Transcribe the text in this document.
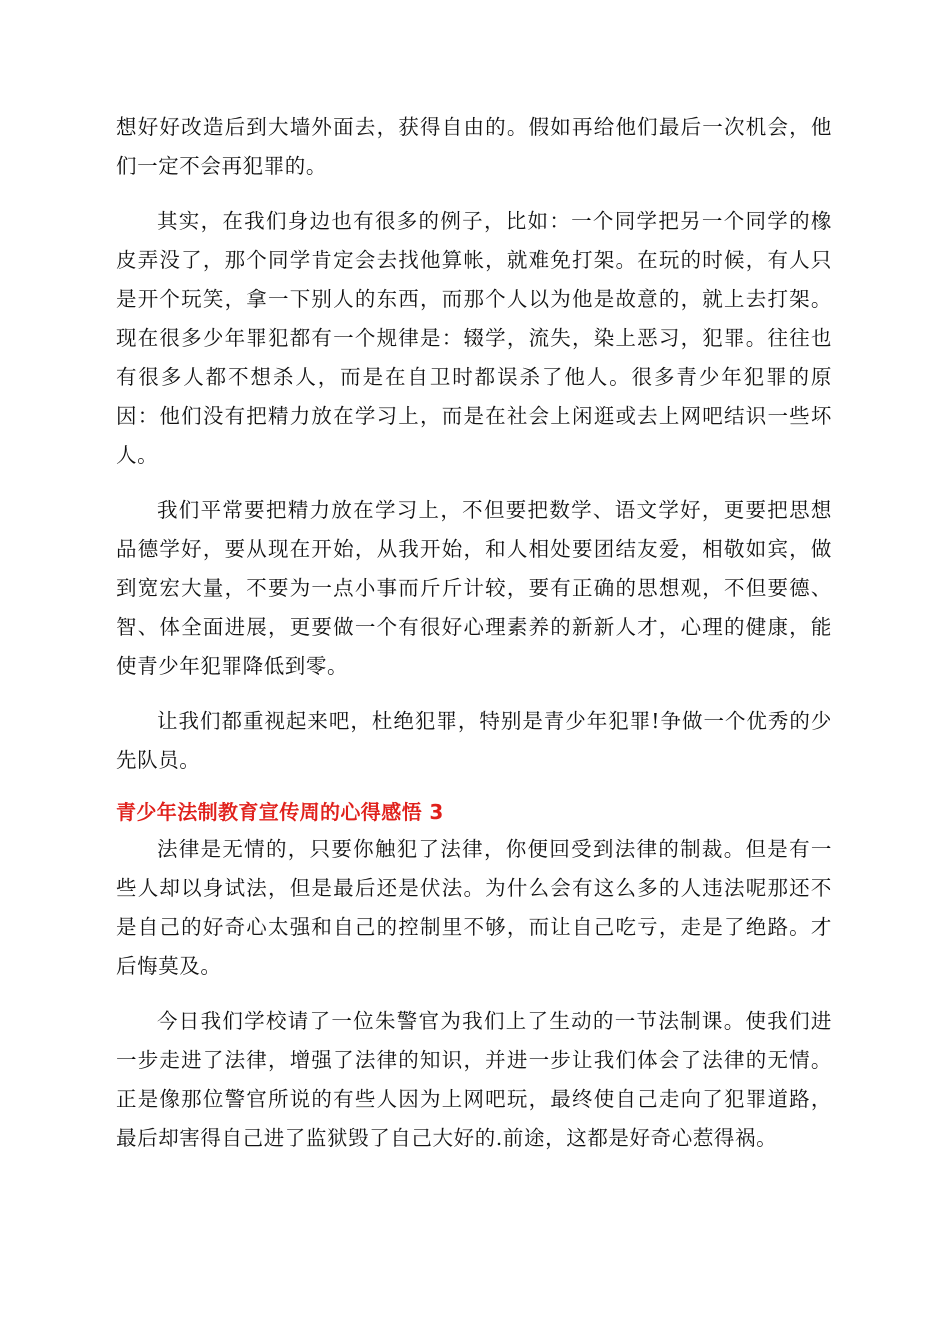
想好好改造后到大墙外面去，获得自由的。假如再给他们最后一次机会，他们一定不会再犯罪的。

其实，在我们身边也有很多的例子，比如：一个同学把另一个同学的橡皮弄没了，那个同学肯定会去找他算帐，就难免打架。在玩的时候，有人只是开个玩笑，拿一下别人的东西，而那个人以为他是故意的，就上去打架。现在很多少年罪犯都有一个规律是：辍学，流失，染上恶习，犯罪。往往也有很多人都不想杀人，而是在自卫时都误杀了他人。很多青少年犯罪的原因：他们没有把精力放在学习上，而是在社会上闲逛或去上网吧结识一些坏人。

我们平常要把精力放在学习上，不但要把数学、语文学好，更要把思想品德学好，要从现在开始，从我开始，和人相处要团结友爱，相敬如宾，做到宽宏大量，不要为一点小事而斤斤计较，要有正确的思想观，不但要德、智、体全面进展，更要做一个有很好心理素养的新新人才，心理的健康，能使青少年犯罪降低到零。

让我们都重视起来吧，杜绝犯罪，特别是青少年犯罪!争做一个优秀的少先队员。

青少年法制教育宣传周的心得感悟 3

法律是无情的，只要你触犯了法律，你便回受到法律的制裁。但是有一些人却以身试法，但是最后还是伏法。为什么会有这么多的人违法呢那还不是自己的好奇心太强和自己的控制里不够，而让自己吃亏，走是了绝路。才后悔莫及。

今日我们学校请了一位朱警官为我们上了生动的一节法制课。使我们进一步走进了法律，增强了法律的知识，并进一步让我们体会了法律的无情。正是像那位警官所说的有些人因为上网吧玩，最终使自己走向了犯罪道路，最后却害得自己进了监狱毁了自己大好的.前途，这都是好奇心惹得祸。
